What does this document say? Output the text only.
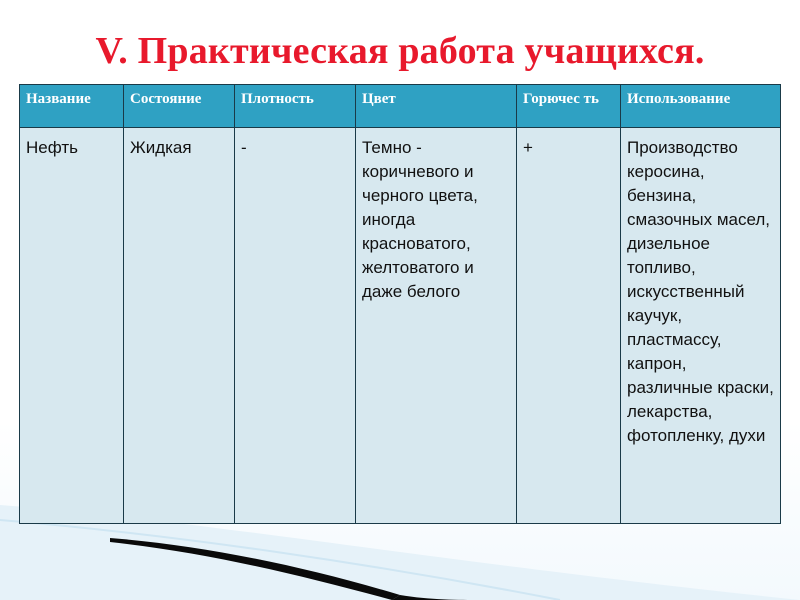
V. Практическая работа учащихся.
Название	Состояние	Плотность	Цвет	Горючес ть	Использование
Нефть	Жидкая	-	Темно - коричневого и черного цвета, иногда красноватого, желтоватого и даже белого	+	Производство керосина, бензина, смазочных масел, дизельное топливо, искусственный каучук, пластмассу, капрон, различные краски, лекарства, фотопленку, духи
